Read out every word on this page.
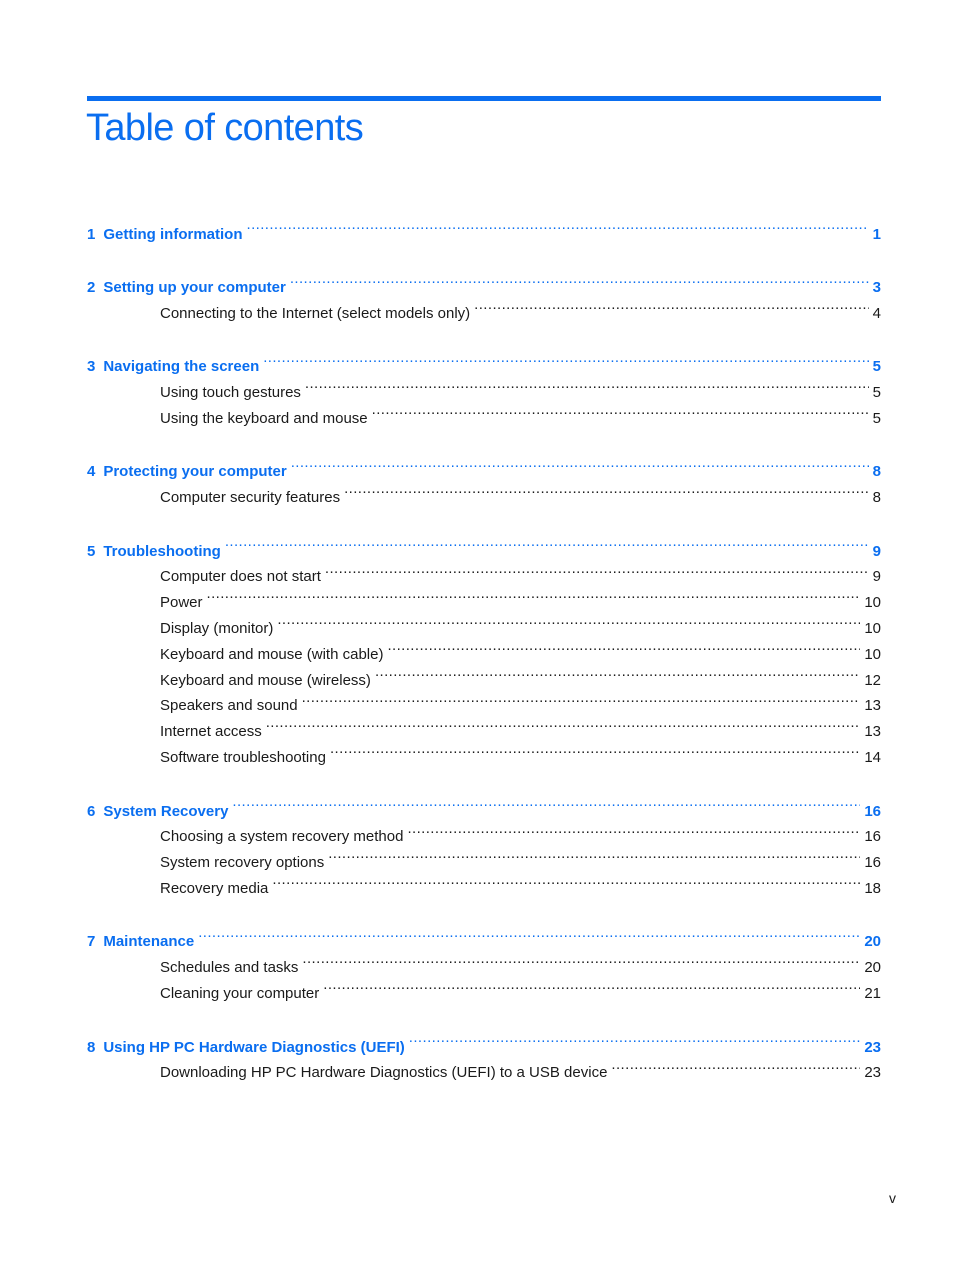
Table of contents
1 Getting information .....	1
2 Setting up your computer .....	3
Connecting to the Internet (select models only) .....	4
3 Navigating the screen .....	5
Using touch gestures .....	5
Using the keyboard and mouse .....	5
4 Protecting your computer .....	8
Computer security features .....	8
5 Troubleshooting .....	9
Computer does not start .....	9
Power .....	10
Display (monitor) .....	10
Keyboard and mouse (with cable) .....	10
Keyboard and mouse (wireless) .....	12
Speakers and sound .....	13
Internet access .....	13
Software troubleshooting .....	14
6 System Recovery .....	16
Choosing a system recovery method .....	16
System recovery options .....	16
Recovery media .....	18
7 Maintenance .....	20
Schedules and tasks .....	20
Cleaning your computer .....	21
8 Using HP PC Hardware Diagnostics (UEFI) .....	23
Downloading HP PC Hardware Diagnostics (UEFI) to a USB device .....	23
v
